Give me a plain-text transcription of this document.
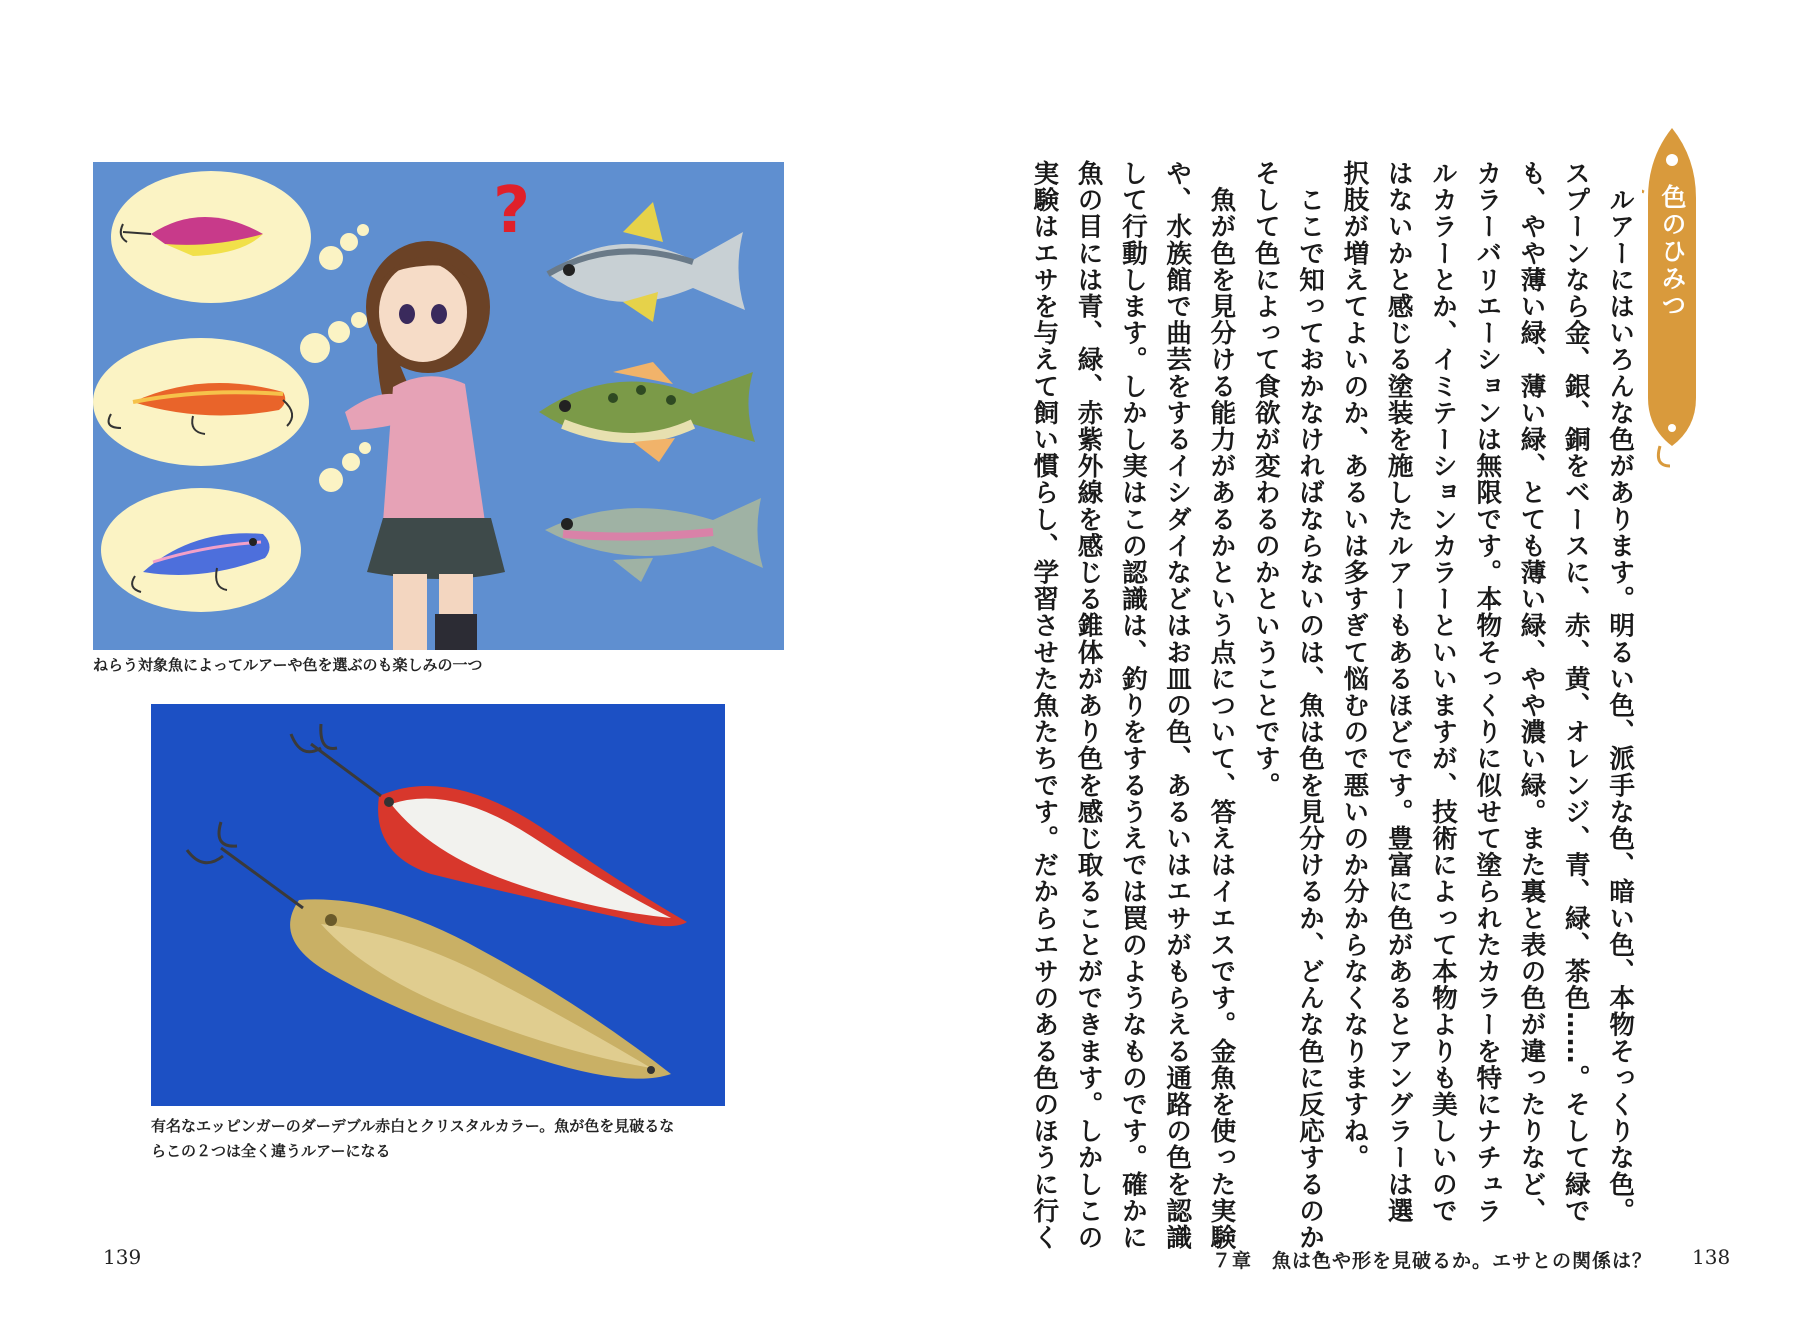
?
ねらう対象魚によってルアーや色を選ぶのも楽しみの一つ
有名なエッピンガーのダーデブル赤白とクリスタルカラー。魚が色を見破るな
らこの２つは全く違うルアーになる
139
色のひみつ
　ルアーにはいろんな色があります。明るい色、派手な色、暗い色、本物そっくりな色。
スプーンなら金、銀、銅をベースに、赤、黄、オレンジ、青、緑、茶色……。そして緑で
も、やや薄い緑、薄い緑、とても薄い緑、やや濃い緑。また裏と表の色が違ったりなど、
カラーバリエーションは無限です。本物そっくりに似せて塗られたカラーを特にナチュラ
ルカラーとか、イミテーションカラーといいますが、技術によって本物よりも美しいので
はないかと感じる塗装を施したルアーもあるほどです。豊富に色があるとアングラーは選
択肢が増えてよいのか、あるいは多すぎて悩むので悪いのか分からなくなりますね。
　ここで知っておかなければならないのは、魚は色を見分けるか、どんな色に反応するのか、
そして色によって食欲が変わるのかということです。
　魚が色を見分ける能力があるかという点について、答えはイエスです。金魚を使った実験
や、水族館で曲芸をするイシダイなどはお皿の色、あるいはエサがもらえる通路の色を認識
して行動します。しかし実はこの認識は、釣りをするうえでは罠のようなものです。確かに
魚の目には青、緑、赤紫外線を感じる錐体があり色を感じ取ることができます。しかしこの
実験はエサを与えて飼い慣らし、学習させた魚たちです。だからエサのある色のほうに行く
７章　魚は色や形を見破るか。エサとの関係は？ 138
